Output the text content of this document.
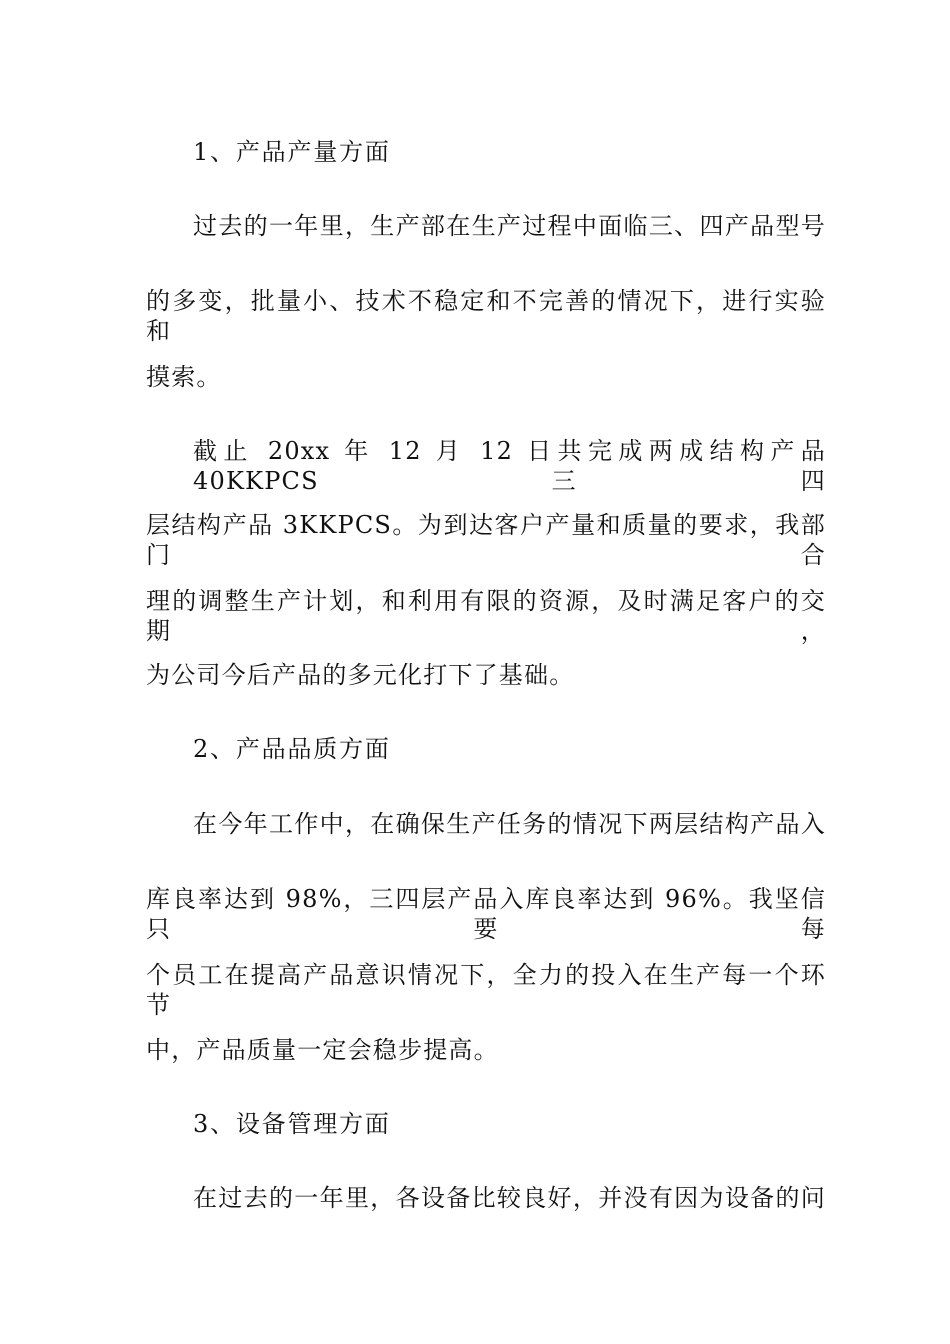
1、产品产量方面
过去的一年里，生产部在生产过程中面临三、四产品型号
的多变，批量小、技术不稳定和不完善的情况下，进行实验和
摸索。
截止 20xx 年 12 月 12 日共完成两成结构产品 40KKPCS 三四
层结构产品 3KKPCS。为到达客户产量和质量的要求，我部门合
理的调整生产计划，和利用有限的资源，及时满足客户的交期，
为公司今后产品的多元化打下了基础。
2、产品品质方面
在今年工作中，在确保生产任务的情况下两层结构产品入
库良率达到 98%，三四层产品入库良率达到 96%。我坚信只要每
个员工在提高产品意识情况下，全力的投入在生产每一个环节
中，产品质量一定会稳步提高。
3、设备管理方面
在过去的一年里，各设备比较良好，并没有因为设备的问
